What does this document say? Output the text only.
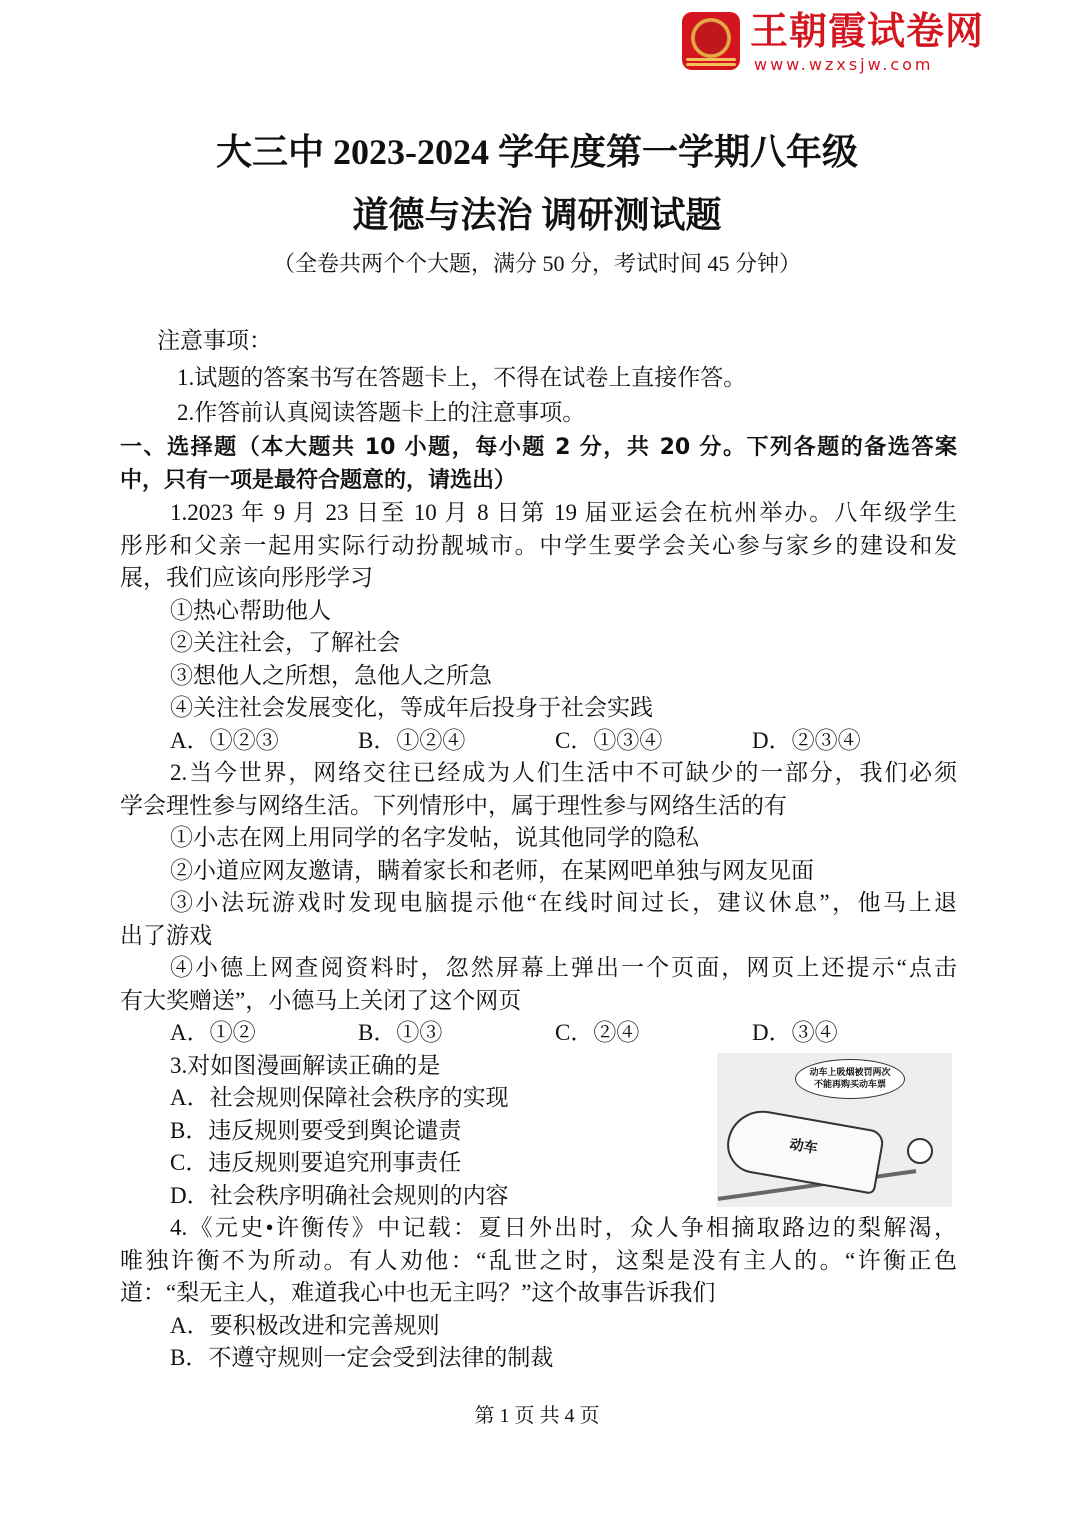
王朝霞试卷网
www.wzxsjw.com
大三中 2023-2024 学年度第一学期八年级
道德与法治 调研测试题
（全卷共两个个大题，满分 50 分，考试时间 45 分钟）
注意事项：
1.试题的答案书写在答题卡上，不得在试卷上直接作答。
2.作答前认真阅读答题卡上的注意事项。
一、选择题（本大题共 10 小题，每小题 2 分，共 20 分。下列各题的备选答案
中，只有一项是最符合题意的，请选出）
1.2023 年 9 月 23 日至 10 月 8 日第 19 届亚运会在杭州举办。八年级学生
彤彤和父亲一起用实际行动扮靓城市。中学生要学会关心参与家乡的建设和发
展，我们应该向彤彤学习
①热心帮助他人
②关注社会，了解社会
③想他人之所想，急他人之所急
④关注社会发展变化，等成年后投身于社会实践
A．①②③	B．①②④	C．①③④	D．②③④
2.当今世界，网络交往已经成为人们生活中不可缺少的一部分，我们必须
学会理性参与网络生活。下列情形中，属于理性参与网络生活的有
①小志在网上用同学的名字发帖，说其他同学的隐私
②小道应网友邀请，瞒着家长和老师，在某网吧单独与网友见面
③小法玩游戏时发现电脑提示他“在线时间过长，建议休息”，他马上退
出了游戏
④小德上网查阅资料时，忽然屏幕上弹出一个页面，网页上还提示“点击
有大奖赠送”，小德马上关闭了这个网页
A．①②	B．①③	C．②④	D．③④
3.对如图漫画解读正确的是
A．社会规则保障社会秩序的实现
B．违反规则要受到舆论谴责
C．违反规则要追究刑事责任
D．社会秩序明确社会规则的内容
4.《元史•许衡传》中记载：夏日外出时，众人争相摘取路边的梨解渴，
唯独许衡不为所动。有人劝他：“乱世之时，这梨是没有主人的。“许衡正色
道：“梨无主人，难道我心中也无主吗？”这个故事告诉我们
A．要积极改进和完善规则
B．不遵守规则一定会受到法律的制裁
动车上吸烟被罚两次
不能再购买动车票
动车
第 1 页 共 4 页
